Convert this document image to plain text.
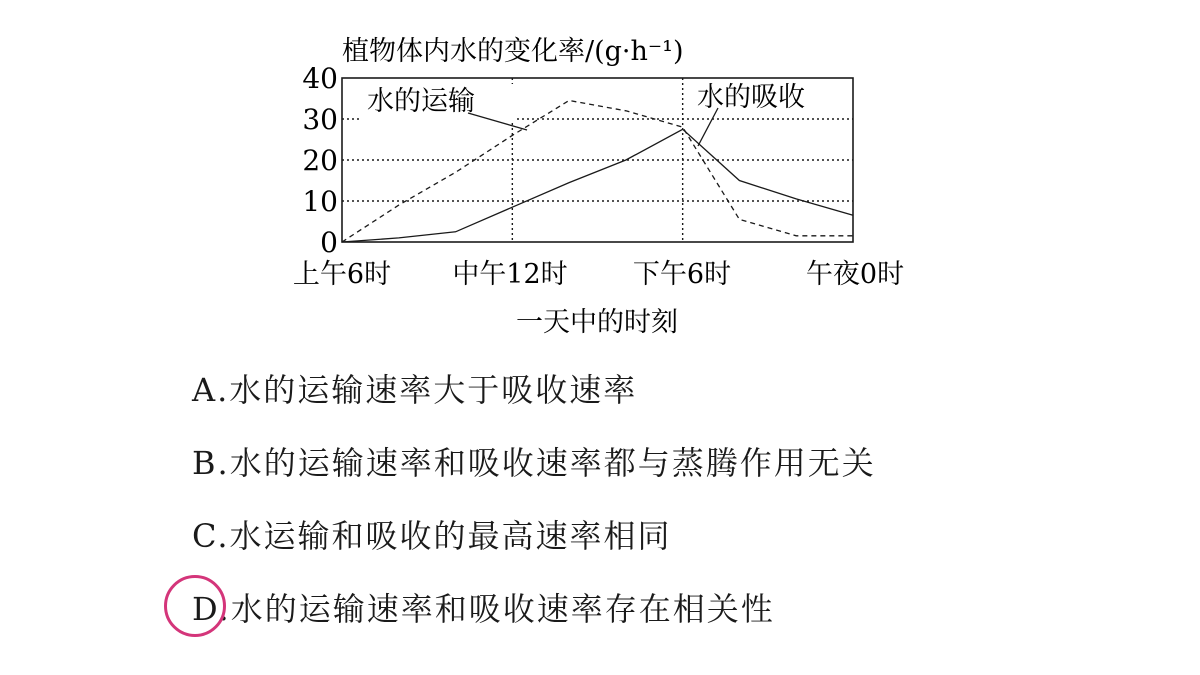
植物体内水的变化率/(g·h⁻¹)
0
10
20
30
40
水的运输	水的吸收
上午6时 中午12时 下午6时	午夜0时
一天中的时刻
A.水的运输速率大于吸收速率
B.水的运输速率和吸收速率都与蒸腾作用无关
C.水运输和吸收的最高速率相同
D.水的运输速率和吸收速率存在相关性
